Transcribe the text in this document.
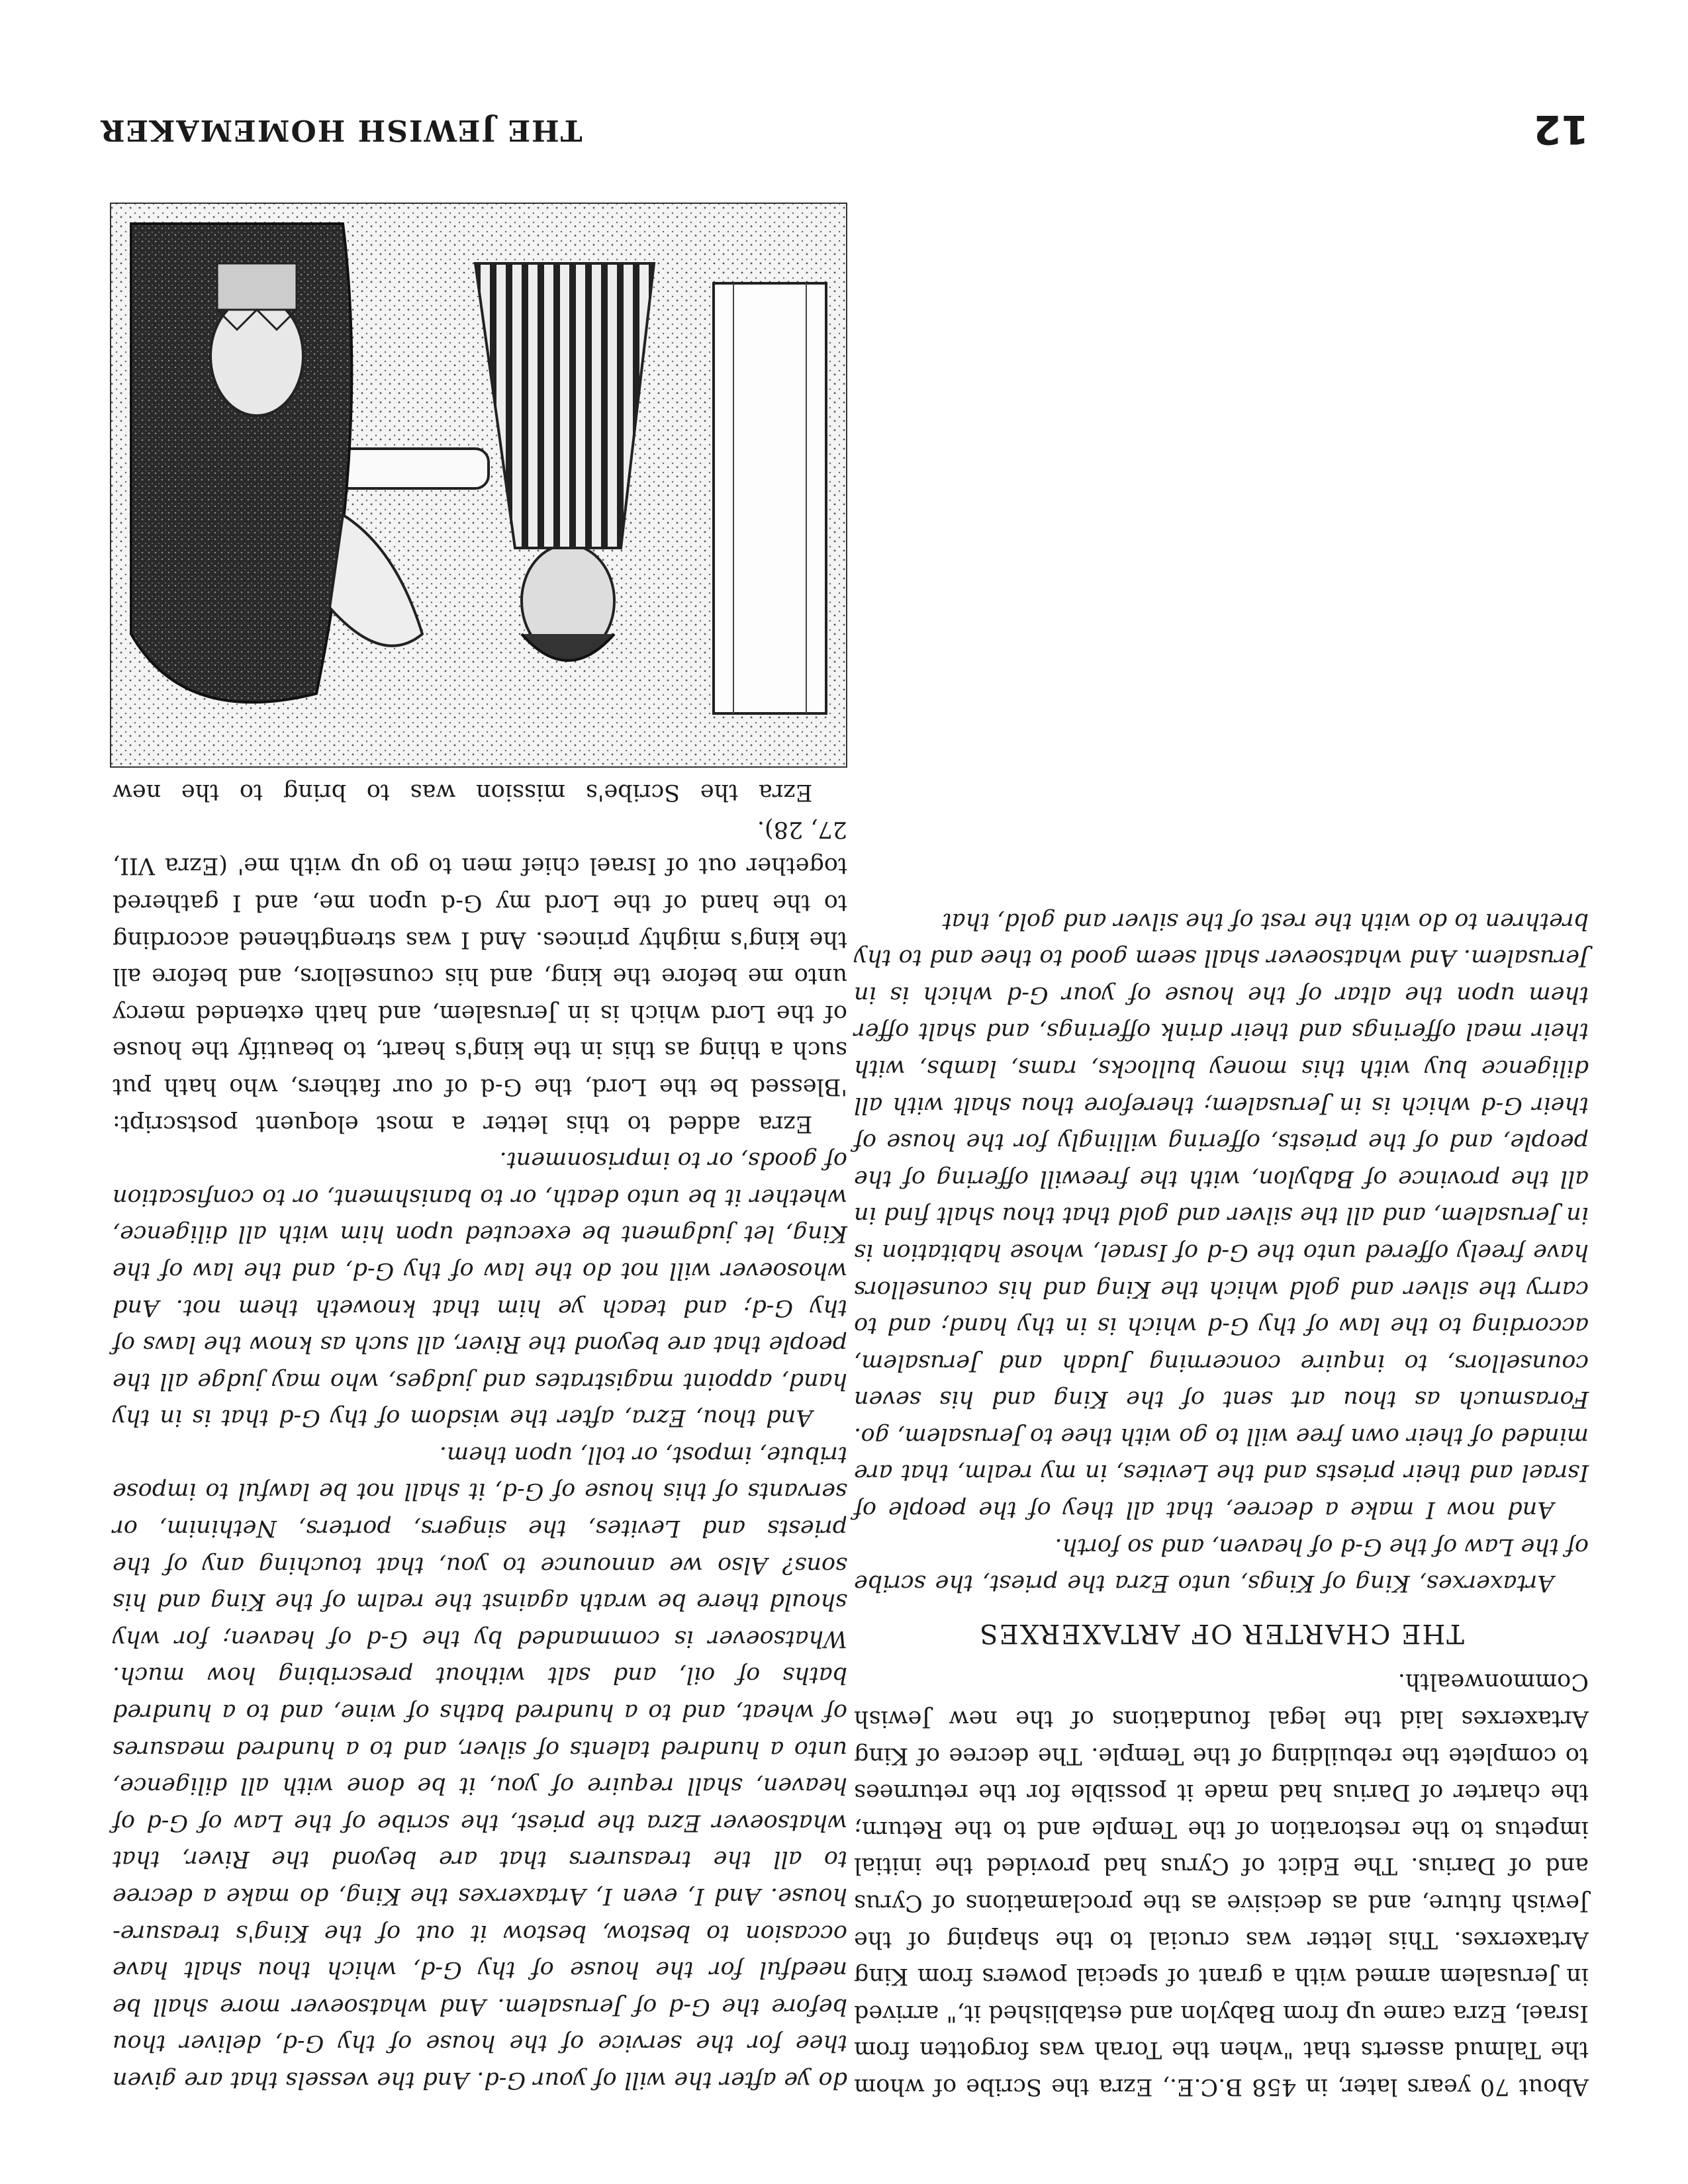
12
THE JEWISH HOMEMAKER

About 70 years later, in 458 B.C.E., Ezra the Scribe of whom the Talmud asserts that "when the Torah was forgotten from Israel, Ezra came up from Babylon and established it," arrived in Jerusalem armed with a grant of special powers from King Artaxerxes. This letter was crucial to the shaping of the Jewish future, and as decisive as the proclamations of Cyrus and of Darius. The Edict of Cyrus had provided the initial impetus to the restoration of the Temple and to the Return; the charter of Darius had made it possible for the returnees to complete the rebuilding of the Temple. The decree of King Artaxerxes laid the legal foundations of the new Jewish Commonwealth.

THE CHARTER OF ARTAXERXES

Artaxerxes, King of Kings, unto Ezra the priest, the scribe of the Law of the G-d of heaven, and so forth.

And now I make a decree, that all they of the people of Israel and their priests and the Levites, in my realm, that are minded of their own free will to go with thee to Jerusalem, go. Forasmuch as thou art sent of the King and his seven counsellors, to inquire concerning Judah and Jerusalem, according to the law of thy G-d which is in thy hand; and to carry the silver and gold which the King and his counsellors have freely offered unto the G-d of Israel, whose habitation is in Jerusalem, and all the silver and gold that thou shalt find in all the province of Babylon, with the freewill offering of the people, and of the priests, offering willingly for the house of their G-d which is in Jerusalem; therefore thou shalt with all diligence buy with this money bullocks, rams, lambs, with their meal offerings and their drink offerings, and shalt offer them upon the altar of the house of your G-d which is in Jerusalem. And whatsoever shall seem good to thee and to thy brethren to do with the rest of the silver and gold, that

do ye after the will of your G-d. And the vessels that are given thee for the service of the house of thy G-d, deliver thou before the G-d of Jerusalem. And whatsoever more shall be needful for the house of thy G-d, which thou shalt have occasion to bestow, bestow it out of the King's treasure-house. And I, even I, Artaxerxes the King, do make a decree to all the treasurers that are beyond the River, that whatsoever Ezra the priest, the scribe of the Law of G-d of heaven, shall require of you, it be done with all diligence, unto a hundred talents of silver, and to a hundred measures of wheat, and to a hundred baths of wine, and to a hundred baths of oil, and salt without prescribing how much. Whatsoever is commanded by the G-d of heaven; for why should there be wrath against the realm of the King and his sons? Also we announce to you, that touching any of the priests and Levites, the singers, porters, Nethinim, or servants of this house of G-d, it shall not be lawful to impose tribute, impost, or toll, upon them.

And thou, Ezra, after the wisdom of thy G-d that is in thy hand, appoint magistrates and judges, who may judge all the people that are beyond the River, all such as know the laws of thy G-d; and teach ye him that knoweth them not. And whosoever will not do the law of thy G-d, and the law of the King, let judgment be executed upon him with all diligence, whether it be unto death, or to banishment, or to confiscation of goods, or to imprisonment.

Ezra added to this letter a most eloquent postscript: 'Blessed be the Lord, the G-d of our fathers, who hath put such a thing as this in the king's heart, to beautify the house of the Lord which is in Jerusalem, and hath extended mercy unto me before the king, and his counsellors, and before all the king's mighty princes. And I was strengthened according to the hand of the Lord my G-d upon me, and I gathered together out of Israel chief men to go up with me' (Ezra VII, 27, 28).

Ezra the Scribe's mission was to bring to the new
